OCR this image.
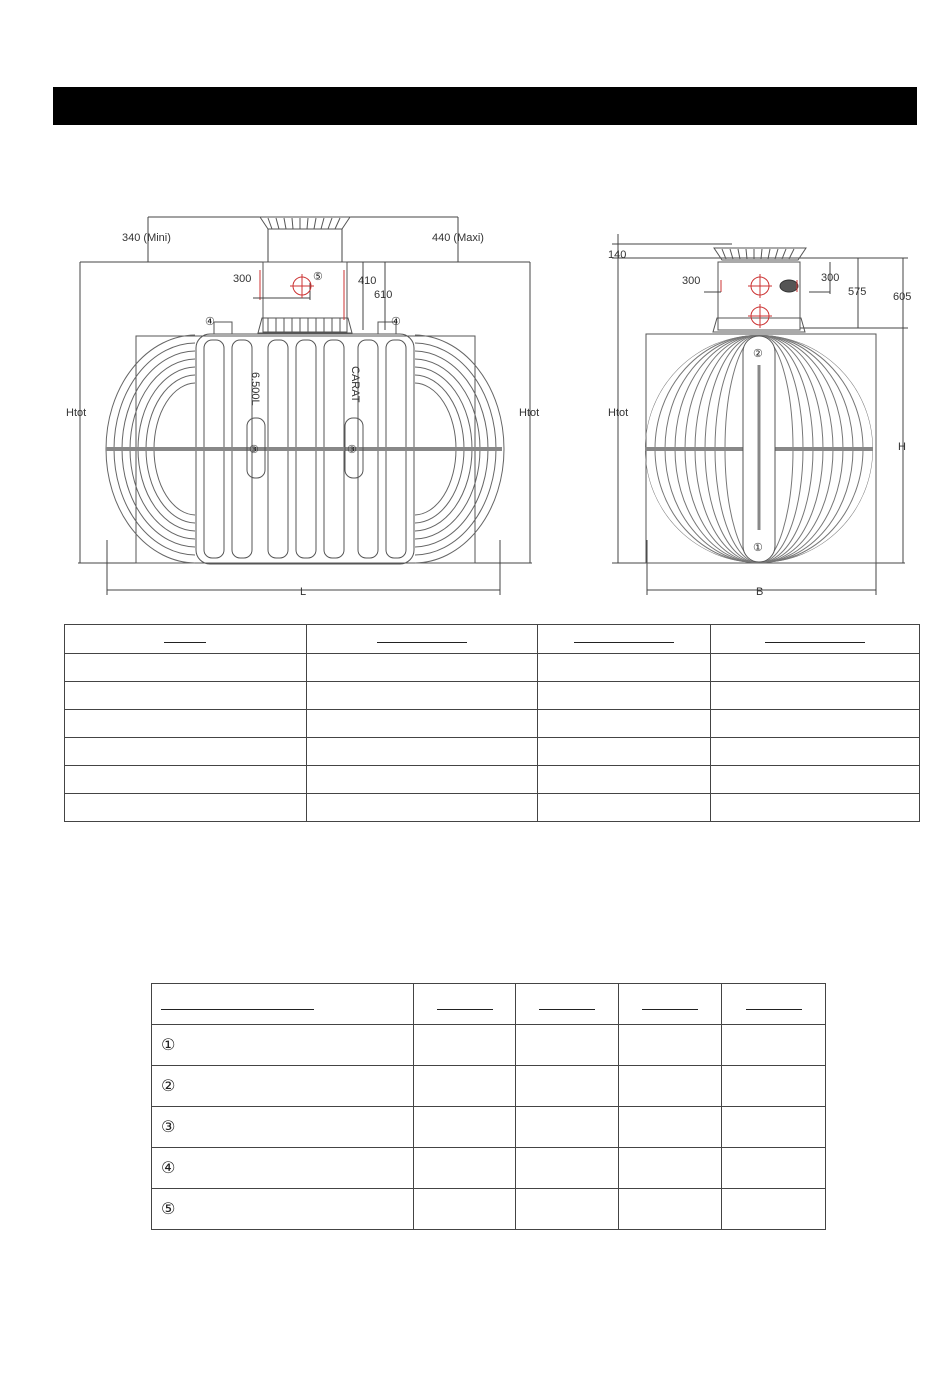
④	④
⑤
③	③
6.500L	CARAT
340 (Mini)	440 (Maxi)
300	410
610
Htot	Htot
L
②
①
140
300	300
575 605
Htot
H
B

①				
②				
③				
④				
⑤				
